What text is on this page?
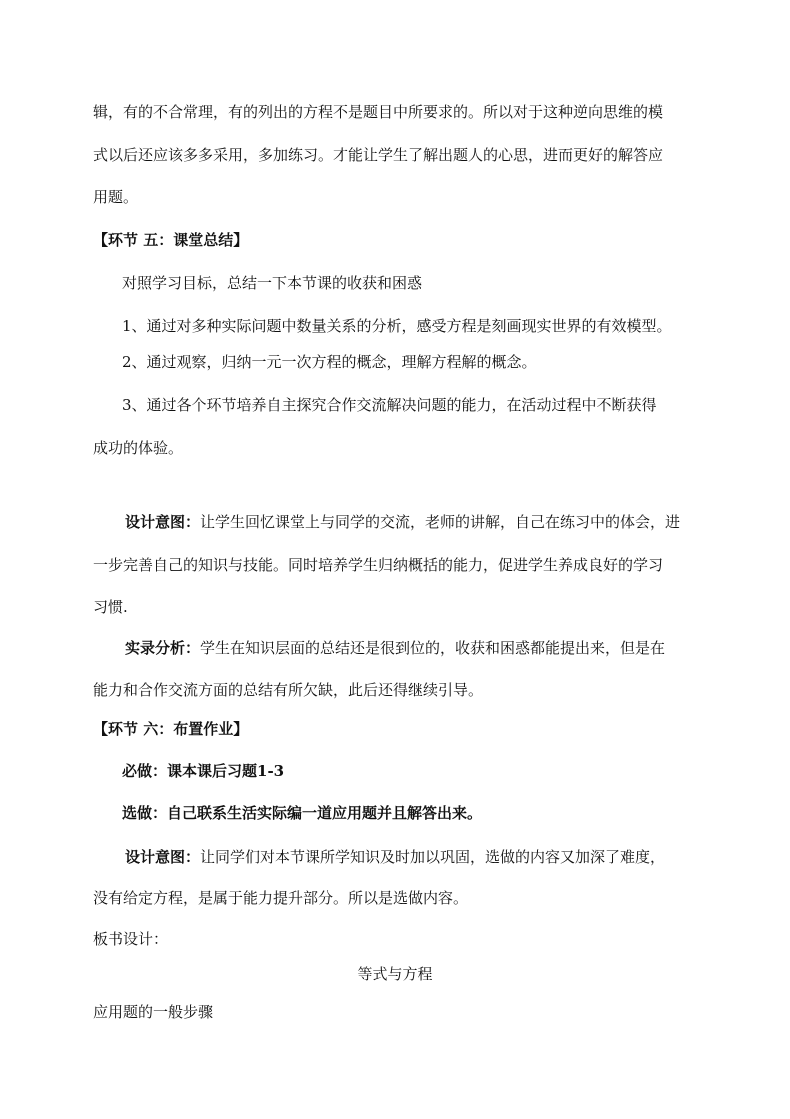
辑，有的不合常理，有的列出的方程不是题目中所要求的。所以对于这种逆向思维的模
式以后还应该多多采用，多加练习。才能让学生了解出题人的心思，进而更好的解答应
用题。
【环节 五：课堂总结】
对照学习目标，总结一下本节课的收获和困惑
1、通过对多种实际问题中数量关系的分析，感受方程是刻画现实世界的有效模型。
2、通过观察，归纳一元一次方程的概念，理解方程解的概念。
3、通过各个环节培养自主探究合作交流解决问题的能力，在活动过程中不断获得
成功的体验。
设计意图：让学生回忆课堂上与同学的交流，老师的讲解，自己在练习中的体会，进
一步完善自己的知识与技能。同时培养学生归纳概括的能力，促进学生养成良好的学习
习惯.
实录分析：学生在知识层面的总结还是很到位的，收获和困惑都能提出来，但是在
能力和合作交流方面的总结有所欠缺，此后还得继续引导。
【环节 六：布置作业】
必做：课本课后习题1-3
选做：自己联系生活实际编一道应用题并且解答出来。
设计意图：让同学们对本节课所学知识及时加以巩固，选做的内容又加深了难度，
没有给定方程，是属于能力提升部分。所以是选做内容。
板书设计：
等式与方程
应用题的一般步骤
